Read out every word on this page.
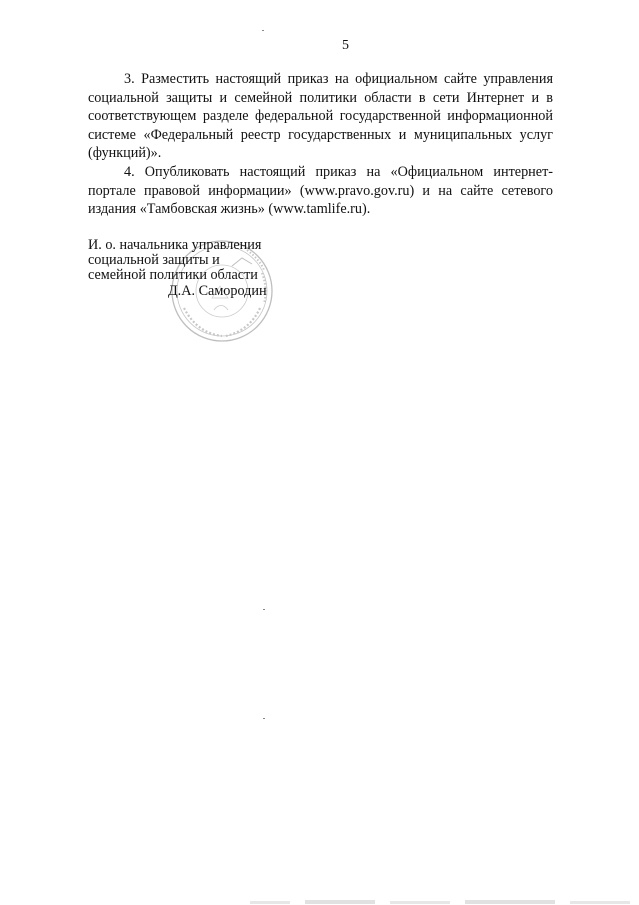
5

3. Разместить настоящий приказ на официальном сайте управления социальной защиты и семейной политики области в сети Интернет и в соответствующем разделе федеральной государственной информационной системе «Федеральный реестр государственных и муниципальных услуг (функций)».

4. Опубликовать настоящий приказ на «Официальном интернет-портале правовой информации» (www.pravo.gov.ru) и на сайте сетевого издания «Тамбовская жизнь» (www.tamlife.ru).

И. о. начальника управления
социальной защиты и
семейной политики области
Д.А. Самородин
